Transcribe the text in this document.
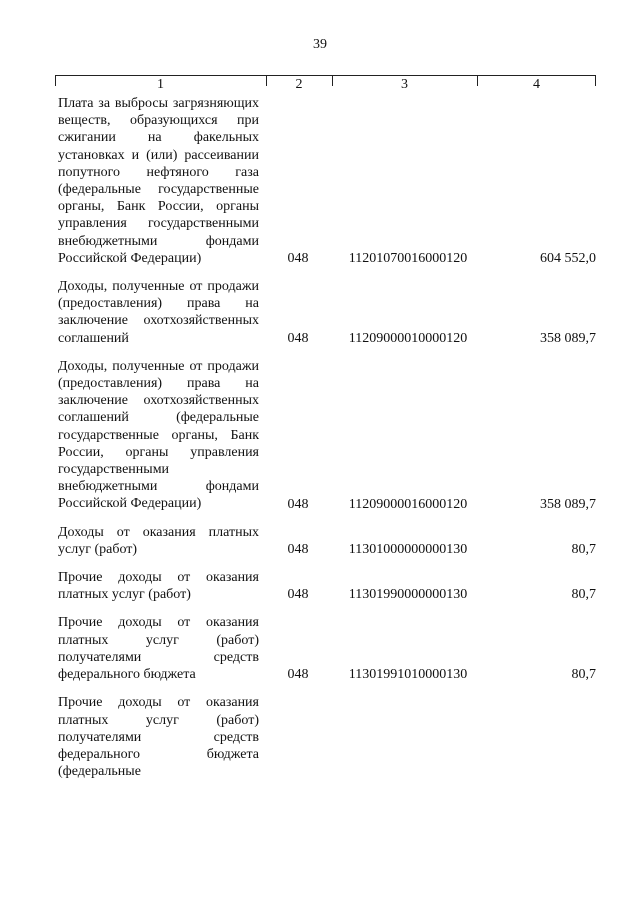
39
1	2	3	4
Плата за выбросы загрязняющих веществ, образующихся при сжигании на факельных установках и (или) рассеивании попутного нефтяного газа (федеральные государственные органы, Банк России, органы управления государственными внебюджетными фондами Российской Федерации)	048	11201070016000120	604 552,0
Доходы, полученные от продажи (предоставления) права на заключение охотхозяйственных соглашений	048	11209000010000120	358 089,7
Доходы, полученные от продажи (предоставления) права на заключение охотхозяйственных соглашений (федеральные государственные органы, Банк России, органы управления государственными внебюджетными фондами Российской Федерации)	048	11209000016000120	358 089,7
Доходы от оказания платных услуг (работ)	048	11301000000000130	80,7
Прочие доходы от оказания платных услуг (работ)	048	11301990000000130	80,7
Прочие доходы от оказания платных услуг (работ) получателями средств федерального бюджета	048	11301991010000130	80,7
Прочие доходы от оказания платных услуг (работ) получателями средств федерального бюджета (федеральные
